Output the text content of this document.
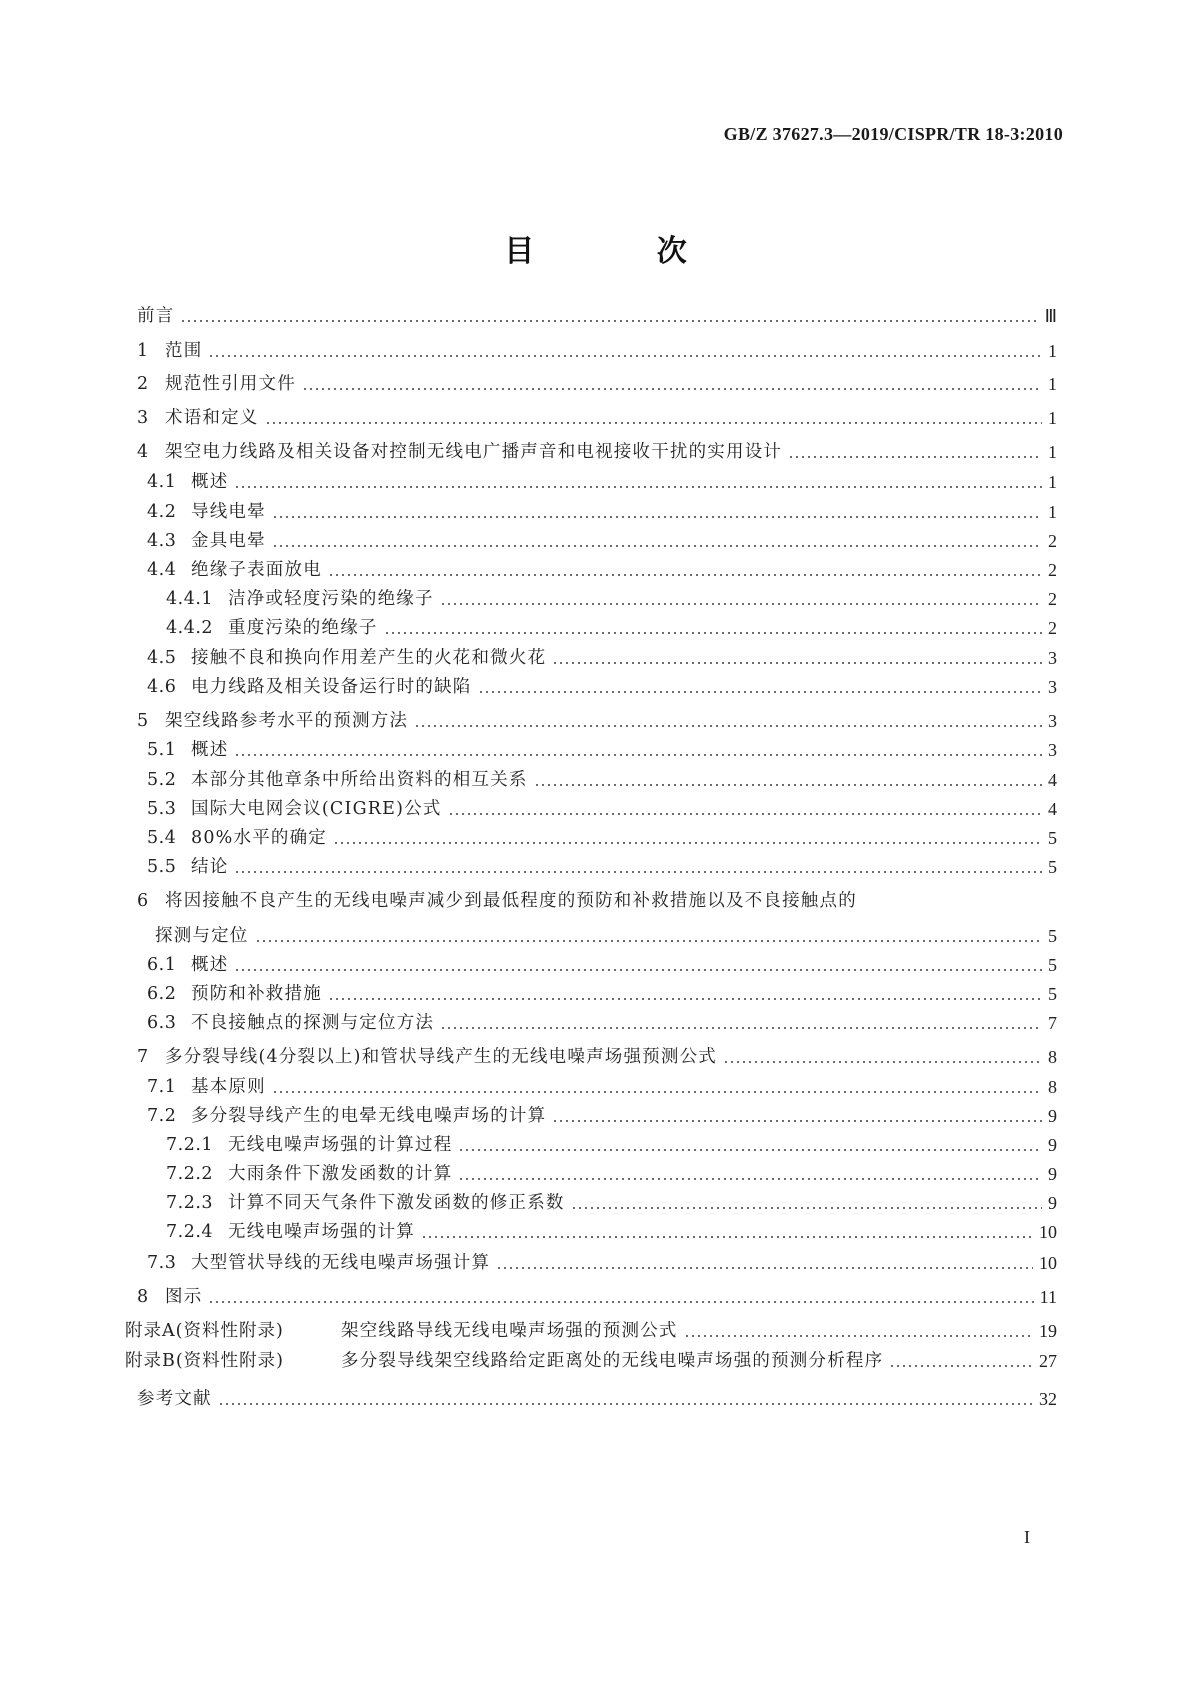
GB/Z 37627.3—2019/CISPR/TR 18-3:2010
目 次
前言	Ⅲ
1 范围	1
2 规范性引用文件	1
3 术语和定义	1
4 架空电力线路及相关设备对控制无线电广播声音和电视接收干扰的实用设计	1
4.1 概述	1
4.2 导线电晕	1
4.3 金具电晕	2
4.4 绝缘子表面放电	2
4.4.1 洁净或轻度污染的绝缘子	2
4.4.2 重度污染的绝缘子	2
4.5 接触不良和换向作用差产生的火花和微火花	3
4.6 电力线路及相关设备运行时的缺陷	3
5 架空线路参考水平的预测方法	3
5.1 概述	3
5.2 本部分其他章条中所给出资料的相互关系	4
5.3 国际大电网会议(CIGRE)公式	4
5.4 80%水平的确定	5
5.5 结论	5
6 将因接触不良产生的无线电噪声减少到最低程度的预防和补救措施以及不良接触点的
探测与定位	5
6.1 概述	5
6.2 预防和补救措施	5
6.3 不良接触点的探测与定位方法	7
7 多分裂导线(4分裂以上)和管状导线产生的无线电噪声场强预测公式	8
7.1 基本原则	8
7.2 多分裂导线产生的电晕无线电噪声场的计算	9
7.2.1 无线电噪声场强的计算过程	9
7.2.2 大雨条件下激发函数的计算	9
7.2.3 计算不同天气条件下激发函数的修正系数	9
7.2.4 无线电噪声场强的计算	10
7.3 大型管状导线的无线电噪声场强计算	10
8 图示	11
附录A(资料性附录)	架空线路导线无线电噪声场强的预测公式	19
附录B(资料性附录)	多分裂导线架空线路给定距离处的无线电噪声场强的预测分析程序	27
参考文献	32
I
